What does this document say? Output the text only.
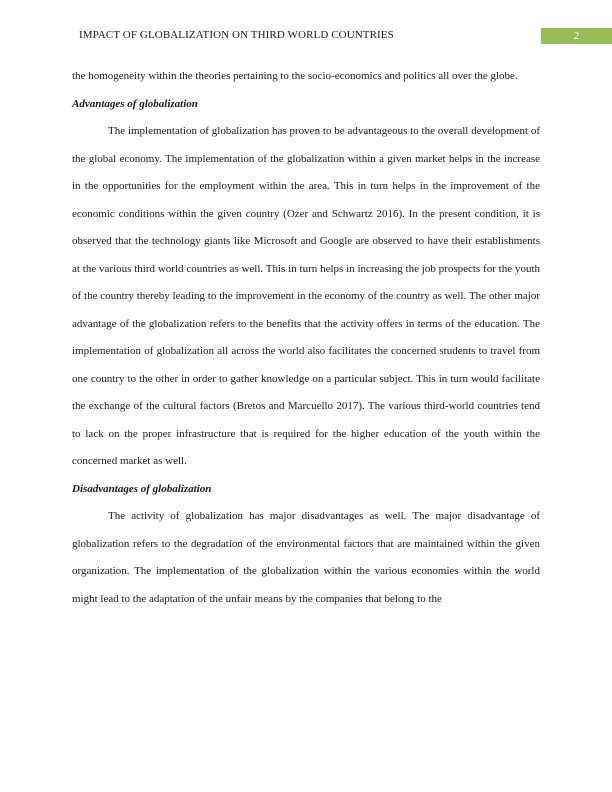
IMPACT OF GLOBALIZATION ON THIRD WORLD COUNTRIES	2

the homogeneity within the theories pertaining to the socio-economics and politics all over the globe.

Advantages of globalization

The implementation of globalization has proven to be advantageous to the overall development of the global economy. The implementation of the globalization within a given market helps in the increase in the opportunities for the employment within the area. This in turn helps in the improvement of the economic conditions within the given country (Ozer and Schwartz 2016). In the present condition, it is observed that the technology giants like Microsoft and Google are observed to have their establishments at the various third world countries as well. This in turn helps in increasing the job prospects for the youth of the country thereby leading to the improvement in the economy of the country as well. The other major advantage of the globalization refers to the benefits that the activity offers in terms of the education. The implementation of globalization all across the world also facilitates the concerned students to travel from one country to the other in order to gather knowledge on a particular subject. This in turn would facilitate the exchange of the cultural factors (Bretos and Marcuello 2017). The various third-world countries tend to lack on the proper infrastructure that is required for the higher education of the youth within the concerned market as well.

Disadvantages of globalization

The activity of globalization has major disadvantages as well. The major disadvantage of globalization refers to the degradation of the environmental factors that are maintained within the given organization. The implementation of the globalization within the various economies within the world might lead to the adaptation of the unfair means by the companies that belong to the
